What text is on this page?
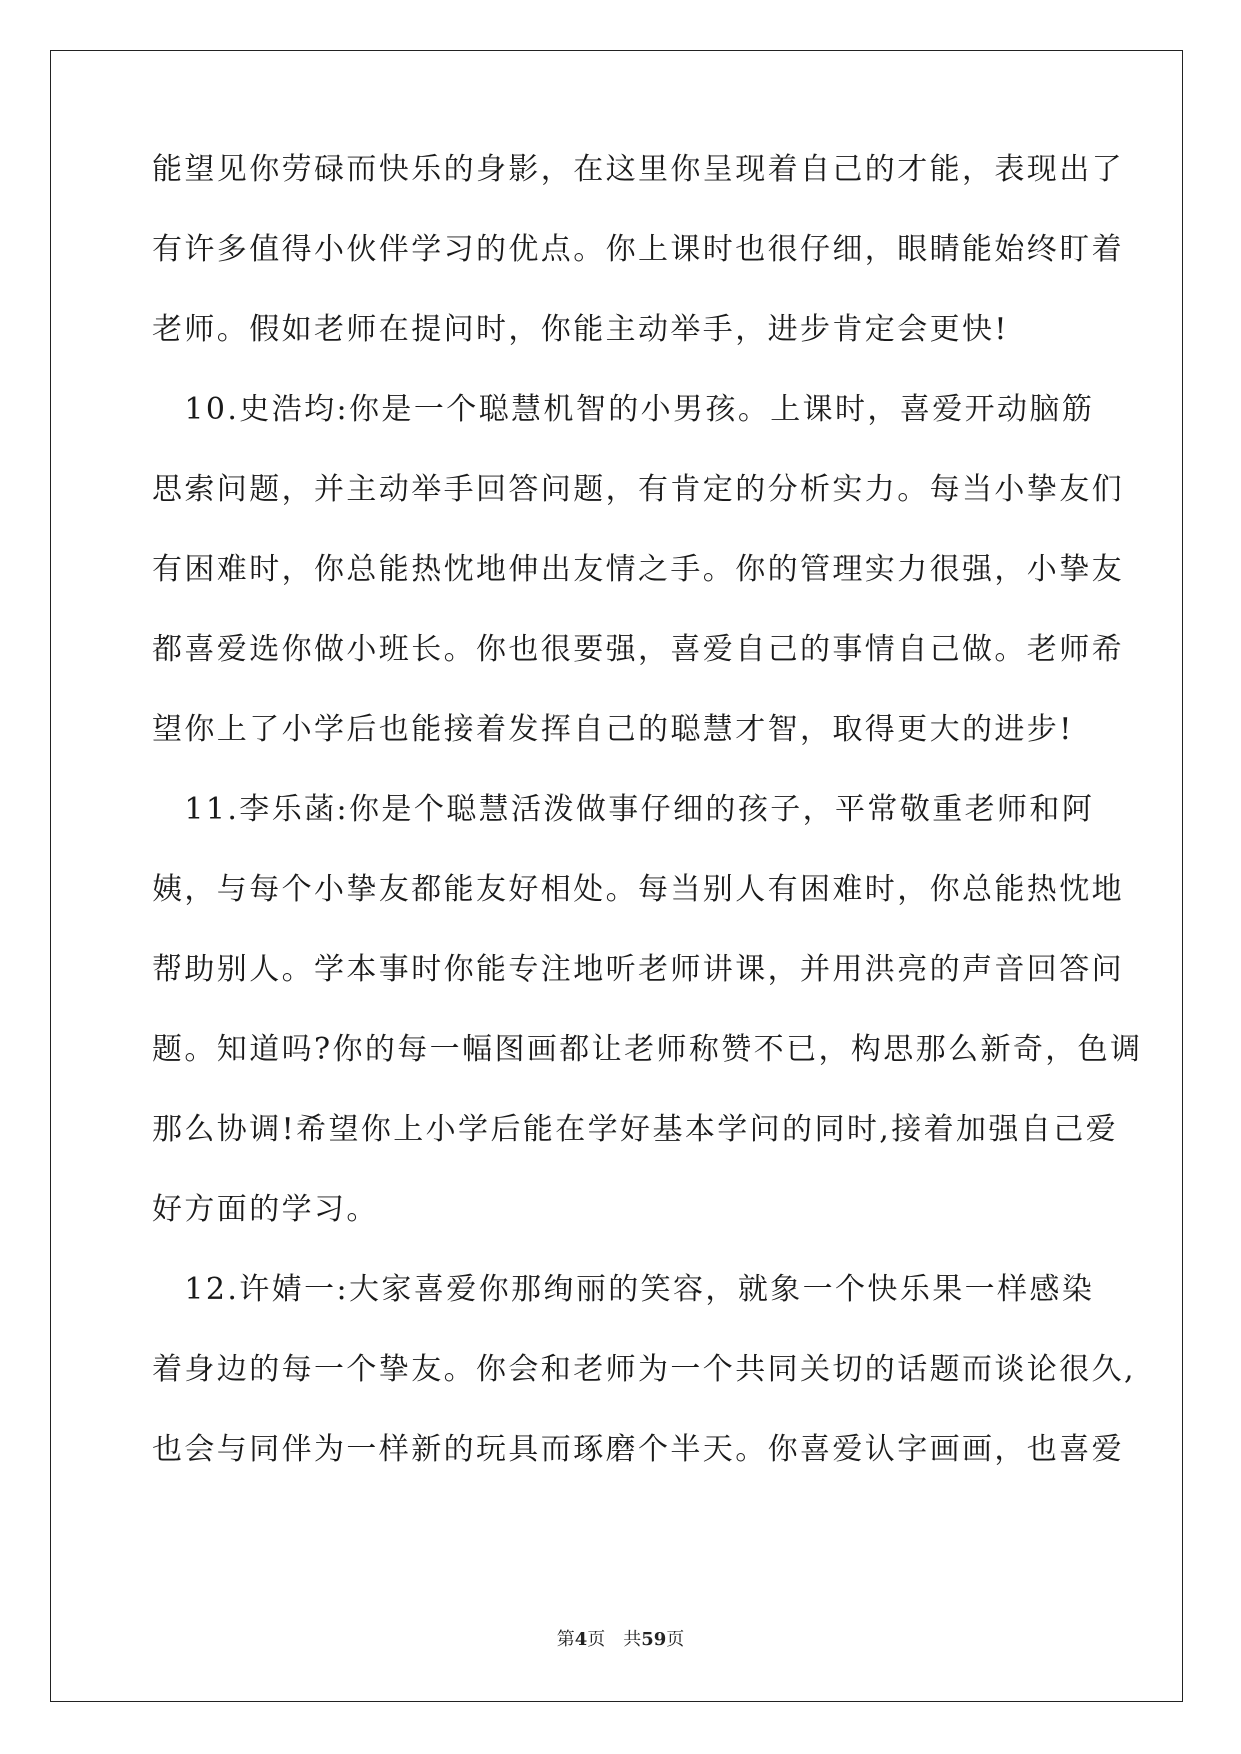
能望见你劳碌而快乐的身影，在这里你呈现着自己的才能，表现出了
有许多值得小伙伴学习的优点。你上课时也很仔细，眼睛能始终盯着
老师。假如老师在提问时，你能主动举手，进步肯定会更快!
　10.史浩均:你是一个聪慧机智的小男孩。上课时，喜爱开动脑筋
思索问题，并主动举手回答问题，有肯定的分析实力。每当小挚友们
有困难时，你总能热忱地伸出友情之手。你的管理实力很强，小挚友
都喜爱选你做小班长。你也很要强，喜爱自己的事情自己做。老师希
望你上了小学后也能接着发挥自己的聪慧才智，取得更大的进步!
　11.李乐菡:你是个聪慧活泼做事仔细的孩子，平常敬重老师和阿
姨，与每个小挚友都能友好相处。每当别人有困难时，你总能热忱地
帮助别人。学本事时你能专注地听老师讲课，并用洪亮的声音回答问
题。知道吗?你的每一幅图画都让老师称赞不已，构思那么新奇，色调
那么协调!希望你上小学后能在学好基本学问的同时,接着加强自己爱
好方面的学习。
　12.许婧一:大家喜爱你那绚丽的笑容，就象一个快乐果一样感染
着身边的每一个挚友。你会和老师为一个共同关切的话题而谈论很久,
也会与同伴为一样新的玩具而琢磨个半天。你喜爱认字画画，也喜爱
第4页　共59页
